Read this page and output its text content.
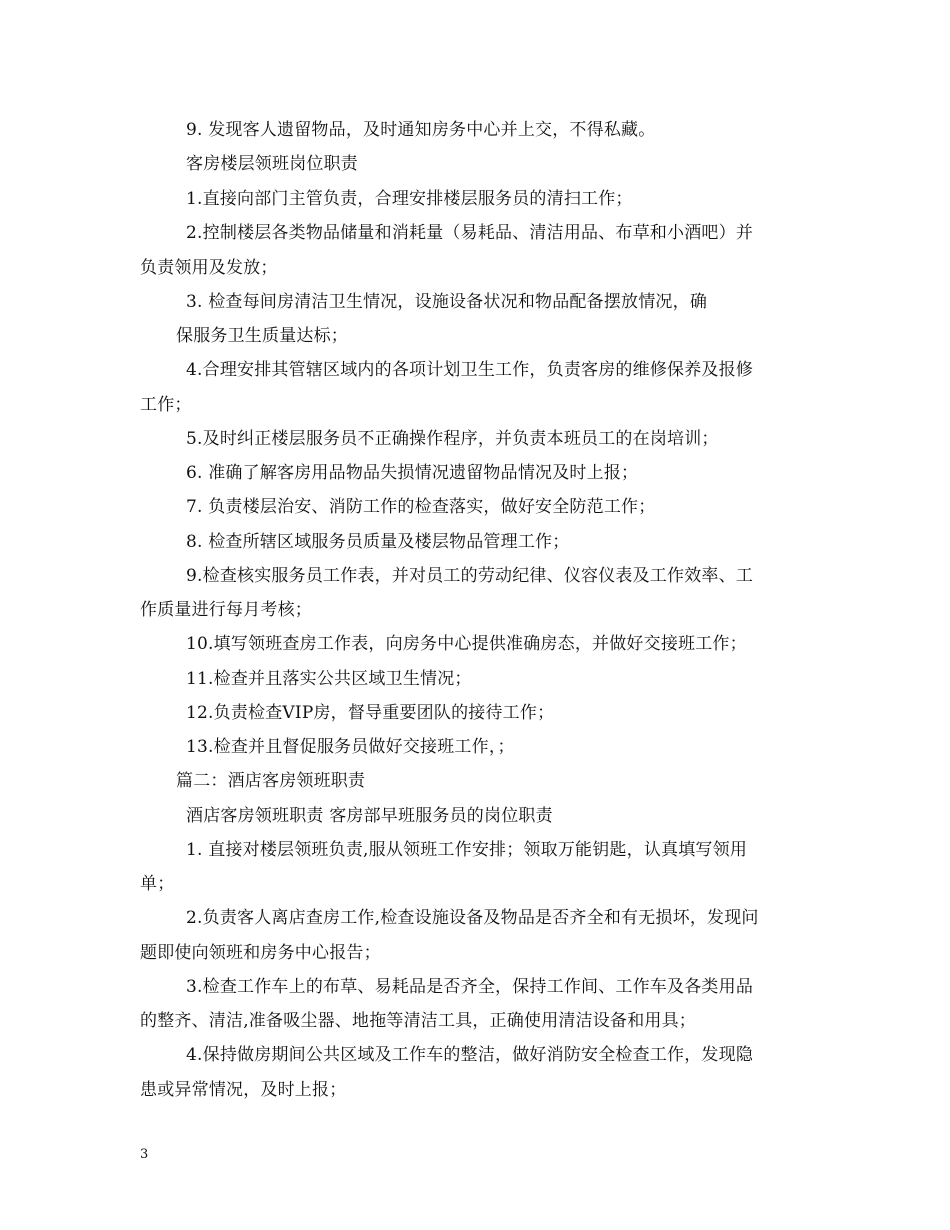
9. 发现客人遗留物品，及时通知房务中心并上交，不得私藏。
客房楼层领班岗位职责
1.直接向部门主管负责，合理安排楼层服务员的清扫工作；
2.控制楼层各类物品储量和消耗量（易耗品、清洁用品、布草和小酒吧）并
负责领用及发放；
3. 检查每间房清洁卫生情况，设施设备状况和物品配备摆放情况，确
保服务卫生质量达标；
4.合理安排其管辖区域内的各项计划卫生工作，负责客房的维修保养及报修
工作；
5.及时纠正楼层服务员不正确操作程序，并负责本班员工的在岗培训；
6. 准确了解客房用品物品失损情况遗留物品情况及时上报；
7. 负责楼层治安、消防工作的检查落实，做好安全防范工作；
8. 检查所辖区域服务员质量及楼层物品管理工作；
9.检查核实服务员工作表，并对员工的劳动纪律、仪容仪表及工作效率、工
作质量进行每月考核；
10.填写领班查房工作表，向房务中心提供准确房态，并做好交接班工作；
11.检查并且落实公共区域卫生情况；
12.负责检查VIP房，督导重要团队的接待工作；
13.检查并且督促服务员做好交接班工作，；
篇二：酒店客房领班职责
酒店客房领班职责 客房部早班服务员的岗位职责
1. 直接对楼层领班负责,服从领班工作安排；领取万能钥匙，认真填写领用
单；
2.负责客人离店查房工作,检查设施设备及物品是否齐全和有无损坏，发现问
题即使向领班和房务中心报告；
3.检查工作车上的布草、易耗品是否齐全，保持工作间、工作车及各类用品
的整齐、清洁,准备吸尘器、地拖等清洁工具，正确使用清洁设备和用具；
4.保持做房期间公共区域及工作车的整洁，做好消防安全检查工作，发现隐
患或异常情况，及时上报；
3
